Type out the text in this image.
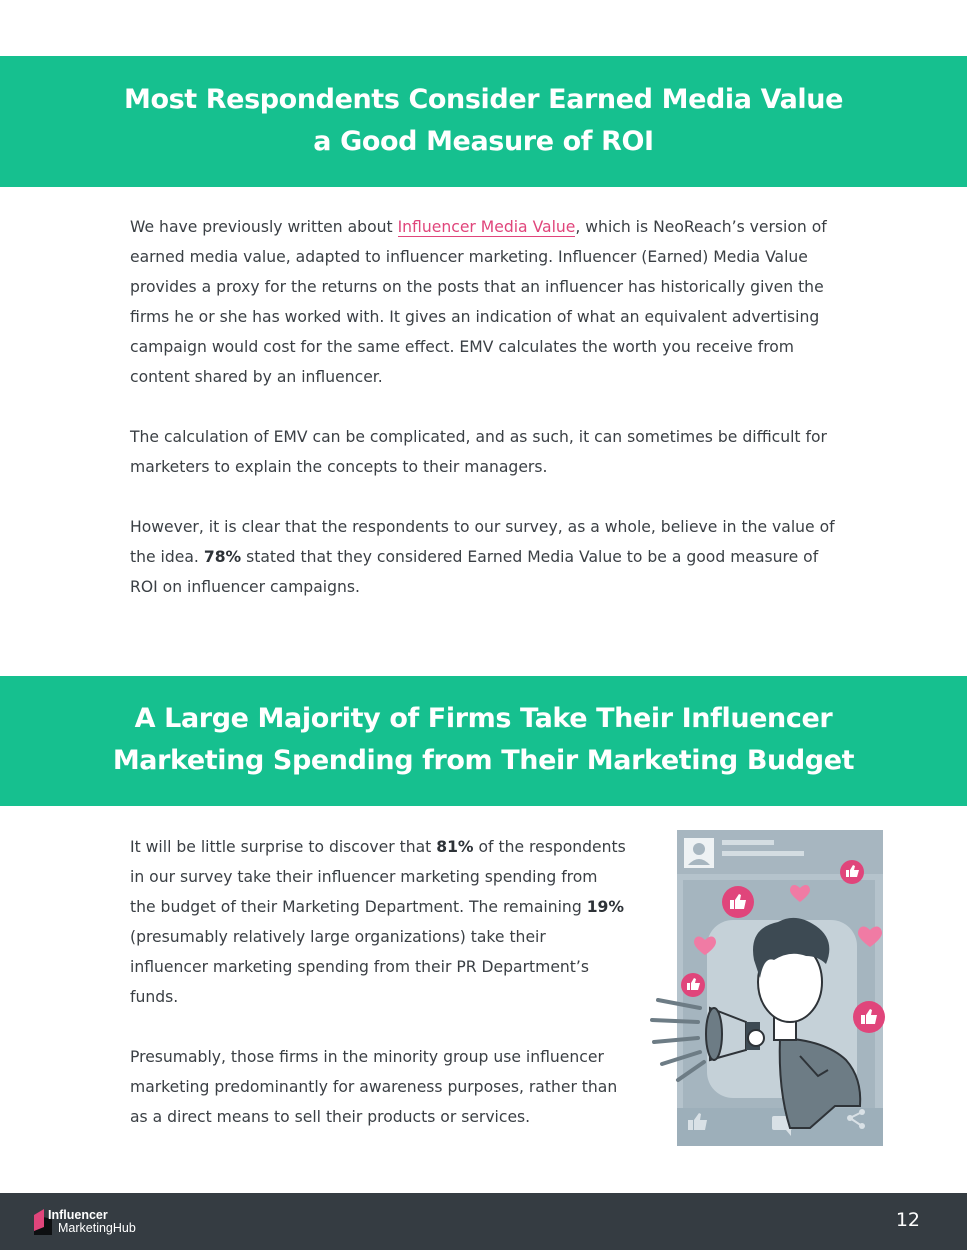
Most Respondents Consider Earned Media Value
a Good Measure of ROI

We have previously written about Influencer Media Value, which is NeoReach’s version of earned media value, adapted to influencer marketing. Influencer (Earned) Media Value provides a proxy for the returns on the posts that an influencer has historically given the firms he or she has worked with. It gives an indication of what an equivalent advertising campaign would cost for the same effect. EMV calculates the worth you receive from content shared by an influencer.

The calculation of EMV can be complicated, and as such, it can sometimes be difficult for marketers to explain the concepts to their managers.

However, it is clear that the respondents to our survey, as a whole, believe in the value of the idea. 78% stated that they considered Earned Media Value to be a good measure of ROI on influencer campaigns.

A Large Majority of Firms Take Their Influencer
Marketing Spending from Their Marketing Budget

It will be little surprise to discover that 81% of the respondents in our survey take their influencer marketing spending from the budget of their Marketing Department. The remaining 19% (presumably relatively large organizations) take their influencer marketing spending from their PR Department’s funds.

Presumably, those firms in the minority group use influencer marketing predominantly for awareness purposes, rather than as a direct means to sell their products or services.

Influencer
MarketingHub	12
